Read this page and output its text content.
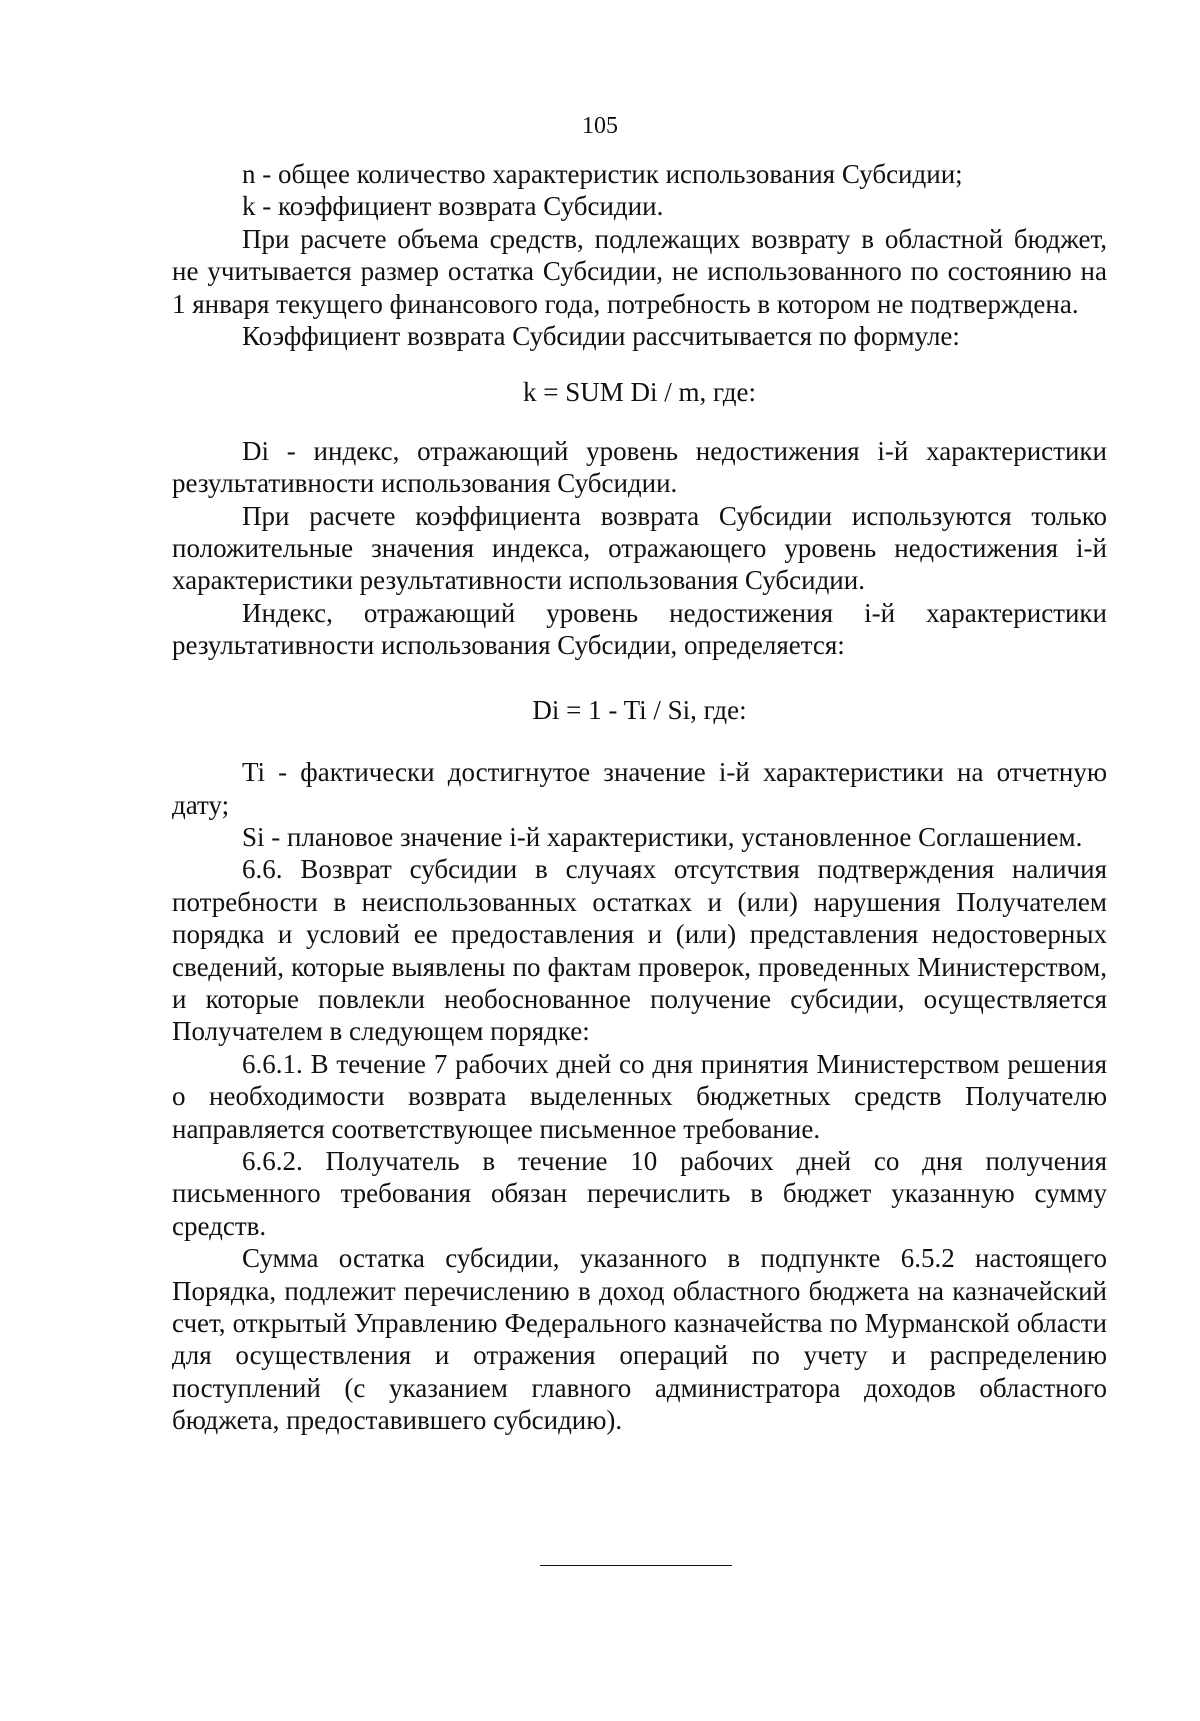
105

n - общее количество характеристик использования Субсидии;

k - коэффициент возврата Субсидии.

При расчете объема средств, подлежащих возврату в областной бюджет, не учитывается размер остатка Субсидии, не использованного по состоянию на 1 января текущего финансового года, потребность в котором не подтверждена.

Коэффициент возврата Субсидии рассчитывается по формуле:

k = SUM Di / m, где:

Di - индекс, отражающий уровень недостижения i-й характеристики результативности использования Субсидии.

При расчете коэффициента возврата Субсидии используются только положительные значения индекса, отражающего уровень недостижения i-й характеристики результативности использования Субсидии.

Индекс, отражающий уровень недостижения i-й характеристики результативности использования Субсидии, определяется:

Di = 1 - Ti / Si, где:

Ti - фактически достигнутое значение i-й характеристики на отчетную дату;

Si - плановое значение i-й характеристики, установленное Соглашением.

6.6. Возврат субсидии в случаях отсутствия подтверждения наличия потребности в неиспользованных остатках и (или) нарушения Получателем порядка и условий ее предоставления и (или) представления недостоверных сведений, которые выявлены по фактам проверок, проведенных Министерством, и которые повлекли необоснованное получение субсидии, осуществляется Получателем в следующем порядке:

6.6.1. В течение 7 рабочих дней со дня принятия Министерством решения о необходимости возврата выделенных бюджетных средств Получателю направляется соответствующее письменное требование.

6.6.2. Получатель в течение 10 рабочих дней со дня получения письменного требования обязан перечислить в бюджет указанную сумму средств.

Сумма остатка субсидии, указанного в подпункте 6.5.2 настоящего Порядка, подлежит перечислению в доход областного бюджета на казначейский счет, открытый Управлению Федерального казначейства по Мурманской области для осуществления и отражения операций по учету и распределению поступлений (с указанием главного администратора доходов областного бюджета, предоставившего субсидию).
